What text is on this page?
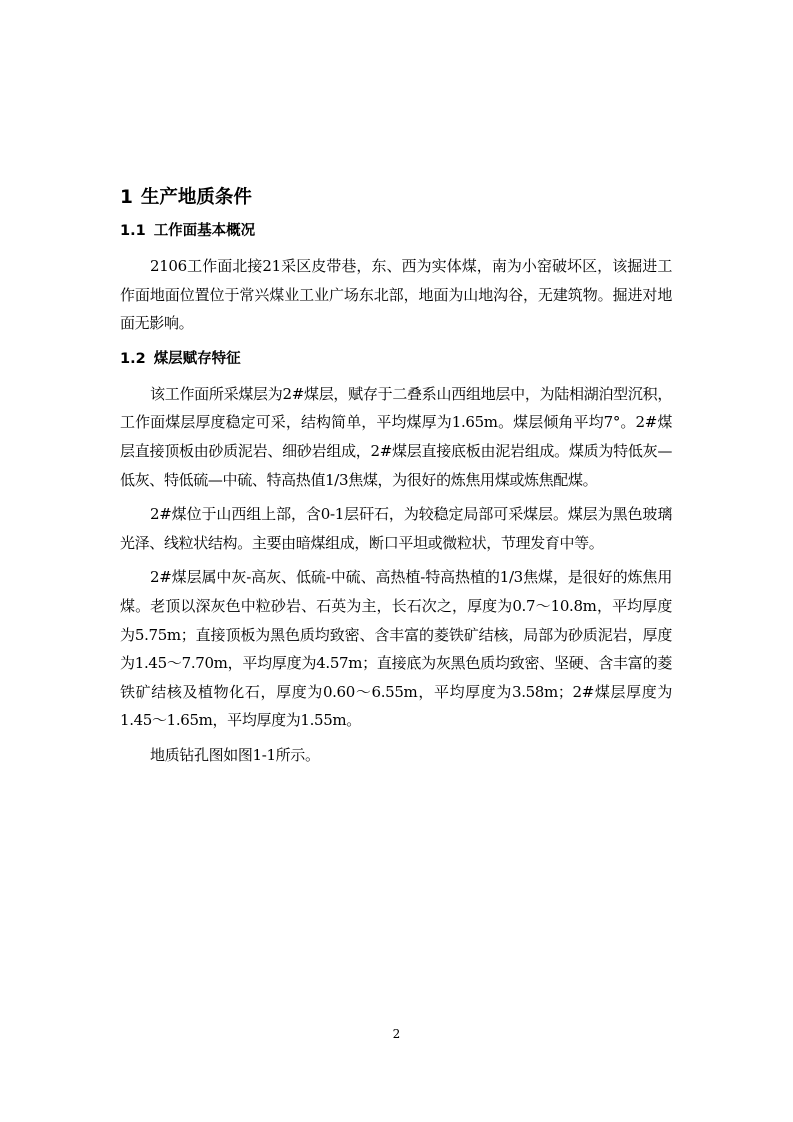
1 生产地质条件
1.1 工作面基本概况

2106工作面北接21采区皮带巷，东、西为实体煤，南为小窑破坏区，该掘进工作面地面位置位于常兴煤业工业广场东北部，地面为山地沟谷，无建筑物。掘进对地面无影响。

1.2 煤层赋存特征

该工作面所采煤层为2#煤层，赋存于二叠系山西组地层中，为陆相湖泊型沉积，工作面煤层厚度稳定可采，结构简单，平均煤厚为1.65m。煤层倾角平均7°。2#煤层直接顶板由砂质泥岩、细砂岩组成，2#煤层直接底板由泥岩组成。煤质为特低灰—低灰、特低硫—中硫、特高热值1/3焦煤，为很好的炼焦用煤或炼焦配煤。

2#煤位于山西组上部，含0-1层矸石，为较稳定局部可采煤层。煤层为黑色玻璃光泽、线粒状结构。主要由暗煤组成，断口平坦或微粒状，节理发育中等。

2#煤层属中灰-高灰、低硫-中硫、高热植-特高热植的1/3焦煤，是很好的炼焦用煤。老顶以深灰色中粒砂岩、石英为主，长石次之，厚度为0.7～10.8m，平均厚度为5.75m；直接顶板为黑色质均致密、含丰富的菱铁矿结核，局部为砂质泥岩，厚度为1.45～7.70m，平均厚度为4.57m；直接底为灰黑色质均致密、坚硬、含丰富的菱铁矿结核及植物化石，厚度为0.60～6.55m，平均厚度为3.58m；2#煤层厚度为1.45～1.65m，平均厚度为1.55m。

地质钻孔图如图1-1所示。

2
